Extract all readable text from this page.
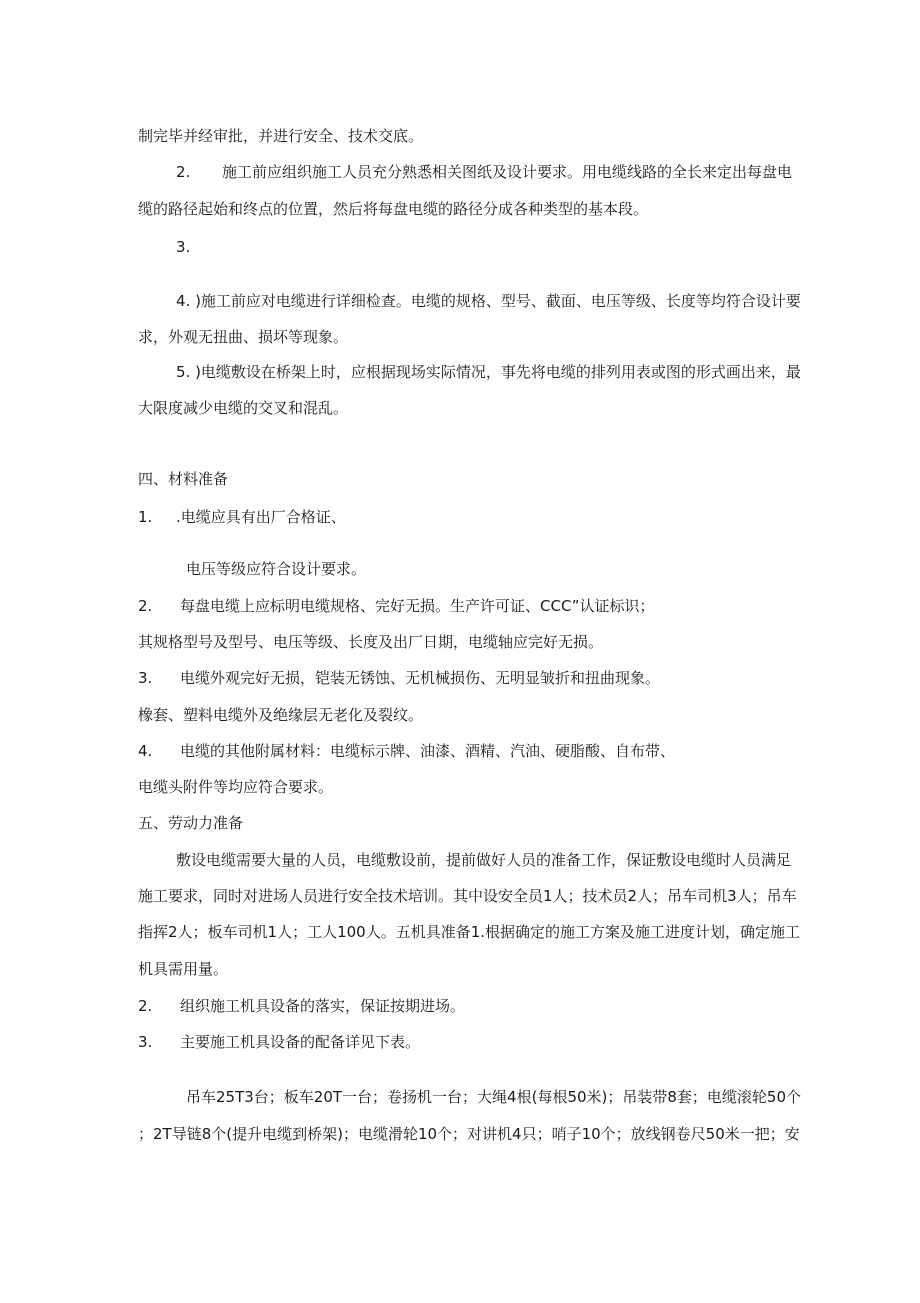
制完毕并经审批，并进行安全、技术交底。
2. 施工前应组织施工人员充分熟悉相关图纸及设计要求。用电缆线路的全长来定出每盘电
缆的路径起始和终点的位置，然后将每盘电缆的路径分成各种类型的基本段。
3.
4. )施工前应对电缆进行详细检查。电缆的规格、型号、截面、电压等级、长度等均符合设计要
求，外观无扭曲、损坏等现象。
5. )电缆敷设在桥架上时，应根据现场实际情况，事先将电缆的排列用表或图的形式画出来，最
大限度减少电缆的交叉和混乱。
四、材料准备
1. .电缆应具有出厂合格证、
电压等级应符合设计要求。
2. 每盘电缆上应标明电缆规格、完好无损。生产许可证、CCC”认证标识；
其规格型号及型号、电压等级、长度及出厂日期，电缆轴应完好无损。
3. 电缆外观完好无损，铠装无锈蚀、无机械损伤、无明显皱折和扭曲现象。
橡套、塑料电缆外及绝缘层无老化及裂纹。
4. 电缆的其他附属材料：电缆标示牌、油漆、酒精、汽油、硬脂酸、自布带、
电缆头附件等均应符合要求。
五、劳动力准备
敷设电缆需要大量的人员，电缆敷设前，提前做好人员的准备工作，保证敷设电缆时人员满足
施工要求，同时对进场人员进行安全技术培训。其中设安全员1人；技术员2人；吊车司机3人；吊车
指挥2人；板车司机1人；工人100人。五机具准备1.根据确定的施工方案及施工进度计划，确定施工
机具需用量。
2. 组织施工机具设备的落实，保证按期进场。
3. 主要施工机具设备的配备详见下表。
吊车25T3台；板车20T一台；卷扬机一台；大绳4根(每根50米)；吊装带8套；电缆滚轮50个
；2T导链8个(提升电缆到桥架)；电缆滑轮10个；对讲机4只；哨子10个；放线钢卷尺50米一把；安
